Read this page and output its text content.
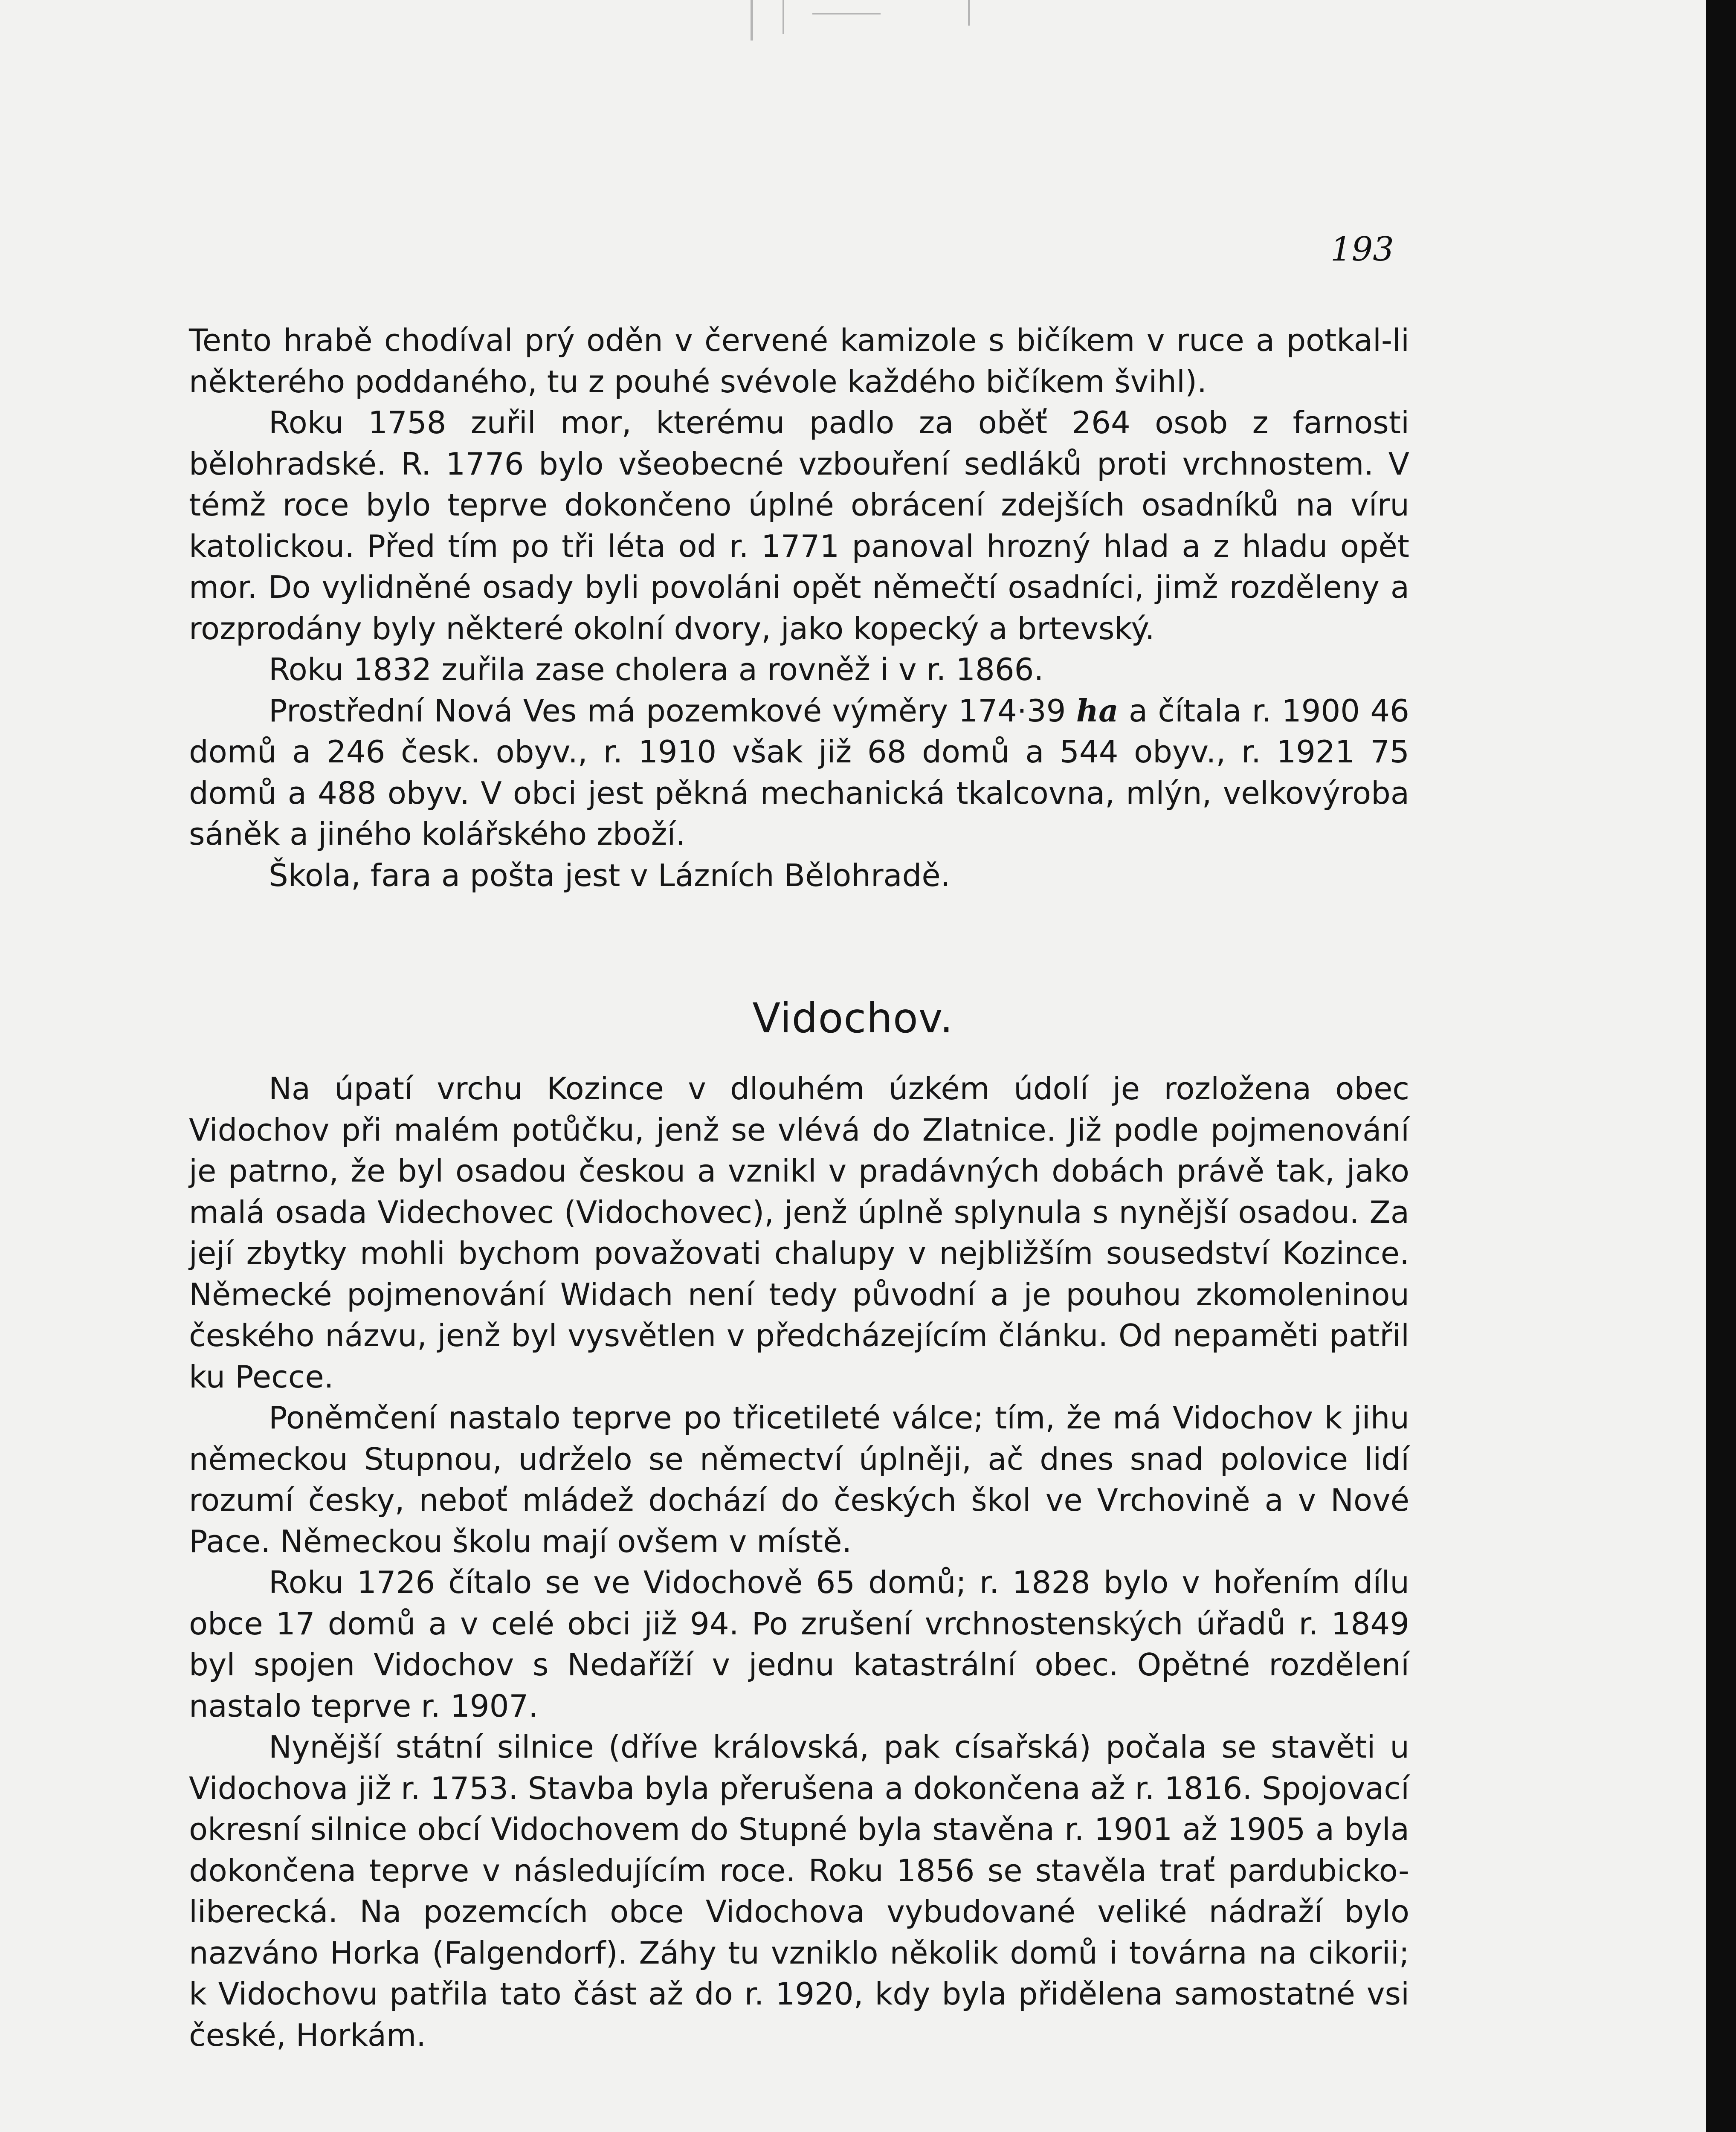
193

Tento hrabě chodíval prý oděn v červené kamizole s bičíkem v ruce a potkal-li některého poddaného, tu z pouhé svévole každého bičíkem švihl).

Roku 1758 zuřil mor, kterému padlo za oběť 264 osob z farnosti bělohradské. R. 1776 bylo všeobecné vzbouření sedláků proti vrchnostem. V témž roce bylo teprve dokončeno úplné obrácení zdejších osadníků na víru katolickou. Před tím po tři léta od r. 1771 panoval hrozný hlad a z hladu opět mor. Do vylidněné osady byli povoláni opět němečtí osadníci, jimž rozděleny a rozprodány byly některé okolní dvory, jako kopecký a brtevský.

Roku 1832 zuřila zase cholera a rovněž i v r. 1866.

Prostřední Nová Ves má pozemkové výměry 174·39 ha a čítala r. 1900 46 domů a 246 česk. obyv., r. 1910 však již 68 domů a 544 obyv., r. 1921 75 domů a 488 obyv. V obci jest pěkná mechanická tkalcovna, mlýn, velkovýroba sáněk a jiného kolářského zboží.

Škola, fara a pošta jest v Lázních Bělohradě.

Vidochov.

Na úpatí vrchu Kozince v dlouhém úzkém údolí je rozložena obec Vidochov při malém potůčku, jenž se vlévá do Zlatnice. Již podle pojmenování je patrno, že byl osadou českou a vznikl v pradávných dobách právě tak, jako malá osada Videchovec (Vidochovec), jenž úplně splynula s nynější osadou. Za její zbytky mohli bychom považovati chalupy v nejbližším sousedství Kozince. Německé pojmenování Widach není tedy původní a je pouhou zkomoleninou českého názvu, jenž byl vysvětlen v předcházejícím článku. Od nepaměti patřil ku Pecce.

Poněmčení nastalo teprve po třicetileté válce; tím, že má Vidochov k jihu německou Stupnou, udrželo se němectví úplněji, ač dnes snad polovice lidí rozumí česky, neboť mládež dochází do českých škol ve Vrchovině a v Nové Pace. Německou školu mají ovšem v místě.

Roku 1726 čítalo se ve Vidochově 65 domů; r. 1828 bylo v hořením dílu obce 17 domů a v celé obci již 94. Po zrušení vrchnostenských úřadů r. 1849 byl spojen Vidochov s Nedaříží v jednu katastrální obec. Opětné rozdělení nastalo teprve r. 1907.

Nynější státní silnice (dříve královská, pak císařská) počala se stavěti u Vidochova již r. 1753. Stavba byla přerušena a dokončena až r. 1816. Spojovací okresní silnice obcí Vidochovem do Stupné byla stavěna r. 1901 až 1905 a byla dokončena teprve v následujícím roce. Roku 1856 se stavěla trať pardubicko-liberecká. Na pozemcích obce Vidochova vybudované veliké nádraží bylo nazváno Horka (Falgendorf). Záhy tu vzniklo několik domů i továrna na cikorii; k Vidochovu patřila tato část až do r. 1920, kdy byla přidělena samostatné vsi české, Horkám.
